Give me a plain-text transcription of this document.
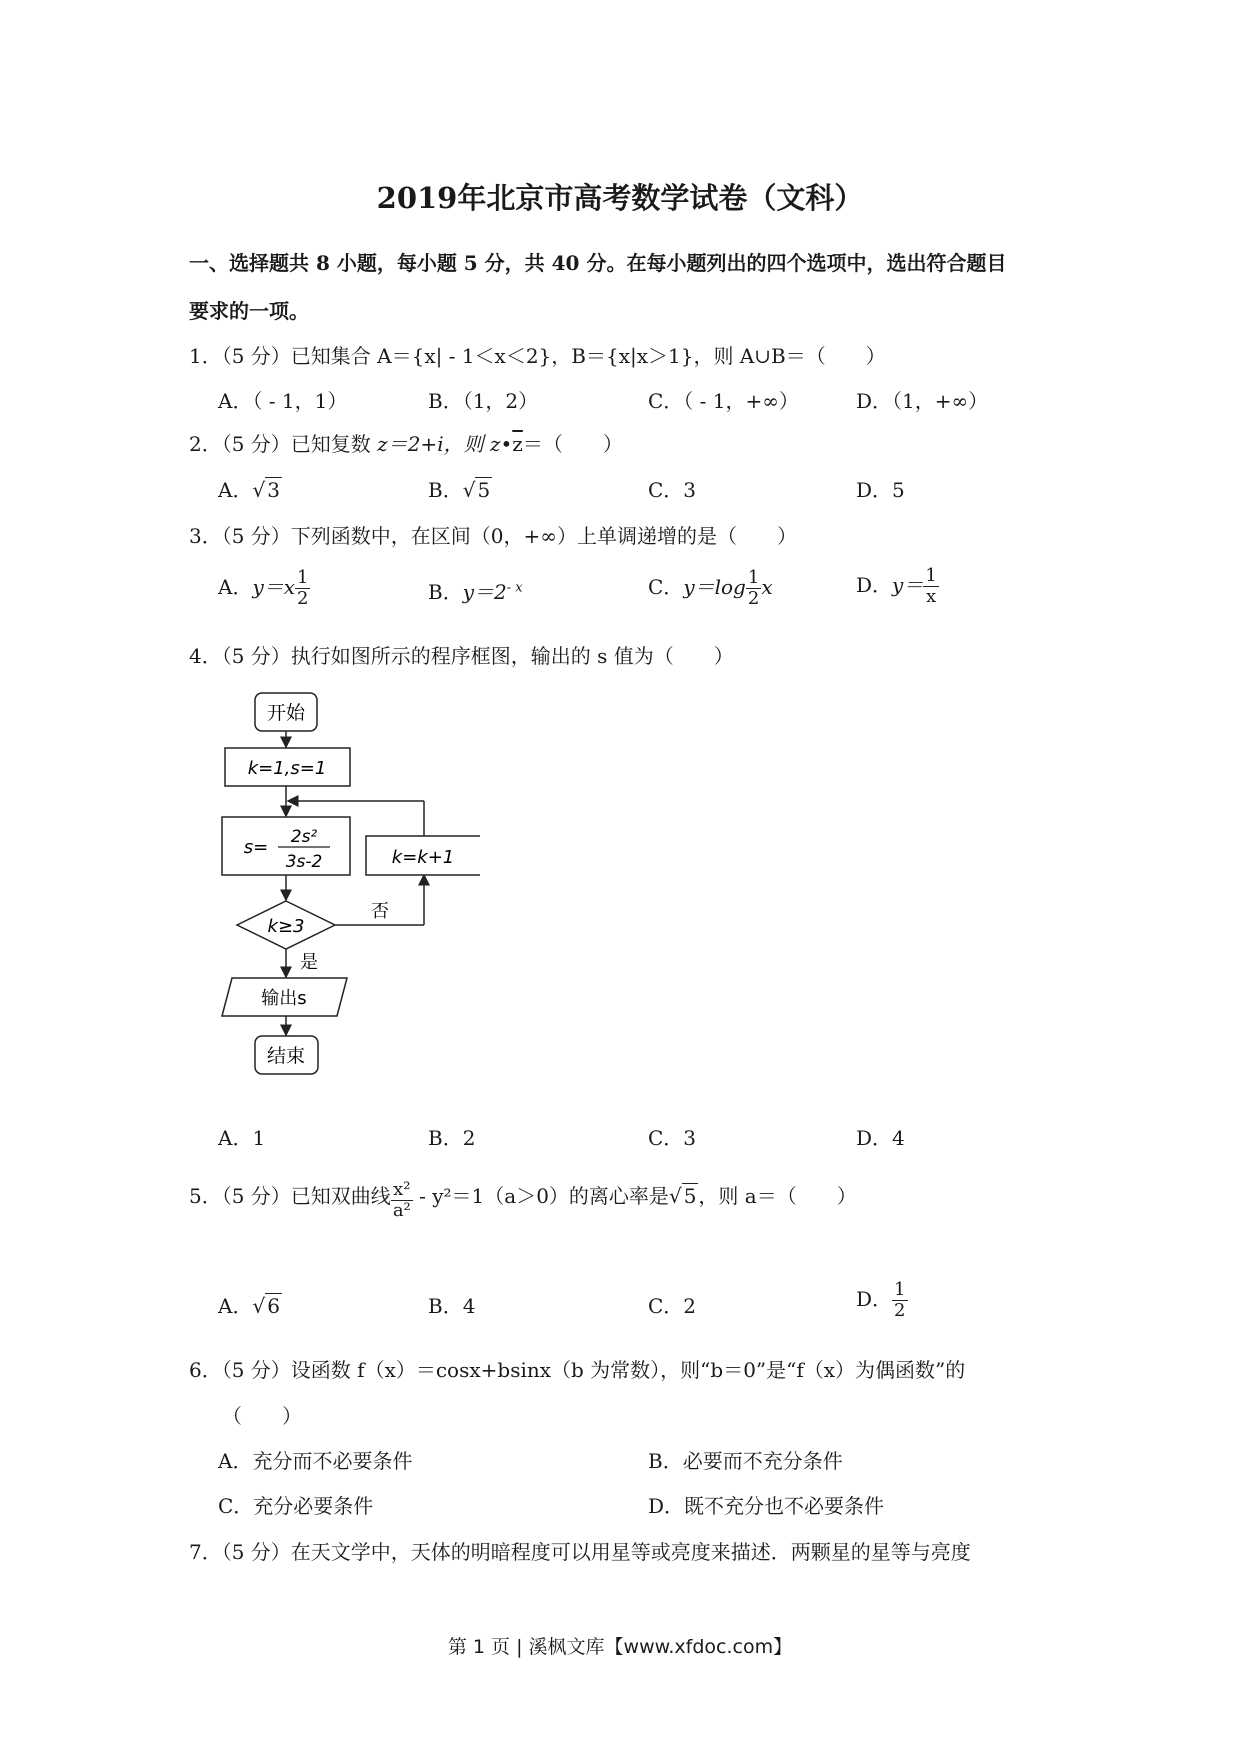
2019年北京市高考数学试卷（文科）
一、选择题共 8 小题，每小题 5 分，共 40 分。在每小题列出的四个选项中，选出符合题目
要求的一项。
1．（5 分）已知集合 A＝{x| ‑ 1＜x＜2}，B＝{x|x＞1}，则 A∪B＝（　　）
A．（ ‑ 1，1）	B．（1，2）	C．（ ‑ 1，+∞）	D．（1，+∞）
2．（5 分）已知复数 z＝2+i，则 $z•\overline{z}=$（　　）
A．√ 3	B．√ 5	C．3	D．5
3．（5 分）下列函数中，在区间（0，+∞）上单调递增的是（　　）
A．$y=x \frac{1}{2}$	B．$y=2^{‑ x}$	C．$y=\log \frac{1}{2}$ x	D．$y= \frac{1}{x}$
4．（5 分）执行如图所示的程序框图，输出的 s 值为（　　）
开始
k=1,s=1
s= 2s²
3s-2
k≥3
否
k=k+1
是
输出s
结束
A．1	B．2	C．3	D．4
5．（5 分）已知双曲线 $\frac{\text{x²}}{\text{a²}}$ ‑ y²＝1（a＞0）的离心率是√ 5 ，则 a＝（　　）
A．√ 6	B．4	C．2	D． $\frac{1}{2}$
6．（5 分）设函数 f（x）＝cosx+bsinx（b 为常数），则“b＝0”是“f（x）为偶函数”的
（　　）
A．充分而不必要条件	B．必要而不充分条件
C．充分必要条件	D．既不充分也不必要条件
7．（5 分）在天文学中，天体的明暗程度可以用星等或亮度来描述．两颗星的星等与亮度
第 1 页 | 溪枫文库【www.xfdoc.com】
